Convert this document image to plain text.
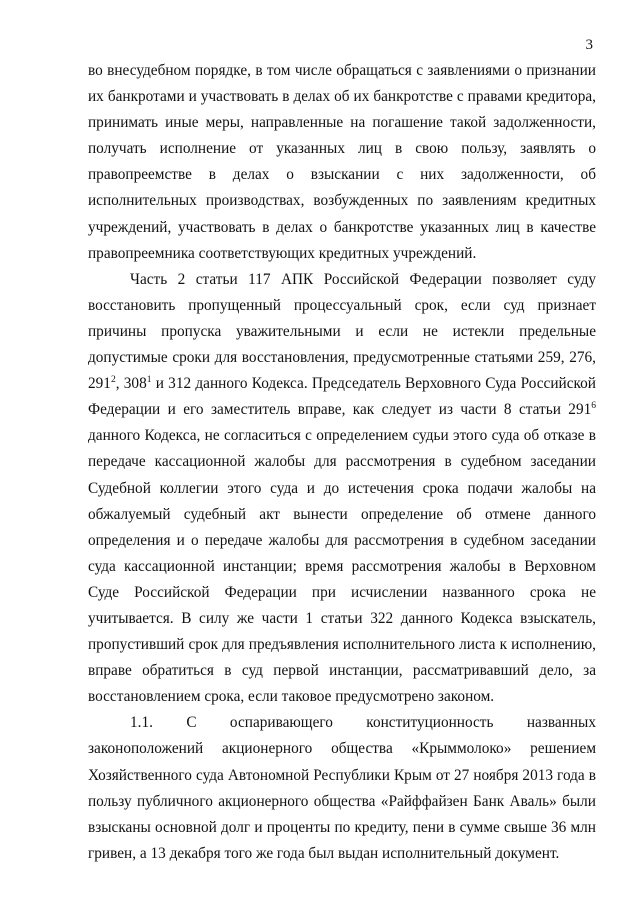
3

во внесудебном порядке, в том числе обращаться с заявлениями о признании их банкротами и участвовать в делах об их банкротстве с правами кредитора, принимать иные меры, направленные на погашение такой задолженности, получать исполнение от указанных лиц в свою пользу, заявлять о правопреемстве в делах о взыскании с них задолженности, об исполнительных производствах, возбужденных по заявлениям кредитных учреждений, участвовать в делах о банкротстве указанных лиц в качестве правопреемника соответствующих кредитных учреждений.

Часть 2 статьи 117 АПК Российской Федерации позволяет суду восстановить пропущенный процессуальный срок, если суд признает причины пропуска уважительными и если не истекли предельные допустимые сроки для восстановления, предусмотренные статьями 259, 276, $291^2$, $308^1$ и 312 данного Кодекса. Председатель Верховного Суда Российской Федерации и его заместитель вправе, как следует из части 8 статьи $291^6$ данного Кодекса, не согласиться с определением судьи этого суда об отказе в передаче кассационной жалобы для рассмотрения в судебном заседании Судебной коллегии этого суда и до истечения срока подачи жалобы на обжалуемый судебный акт вынести определение об отмене данного определения и о передаче жалобы для рассмотрения в судебном заседании суда кассационной инстанции; время рассмотрения жалобы в Верховном Суде Российской Федерации при исчислении названного срока не учитывается. В силу же части 1 статьи 322 данного Кодекса взыскатель, пропустивший срок для предъявления исполнительного листа к исполнению, вправе обратиться в суд первой инстанции, рассматривавший дело, за восстановлением срока, если таковое предусмотрено законом.

1.1. С оспаривающего конституционность названных законоположений акционерного общества «Крыммолоко» решением Хозяйственного суда Автономной Республики Крым от 27 ноября 2013 года в пользу публичного акционерного общества «Райффайзен Банк Аваль» были взысканы основной долг и проценты по кредиту, пени в сумме свыше 36 млн гривен, а 13 декабря того же года был выдан исполнительный документ.
